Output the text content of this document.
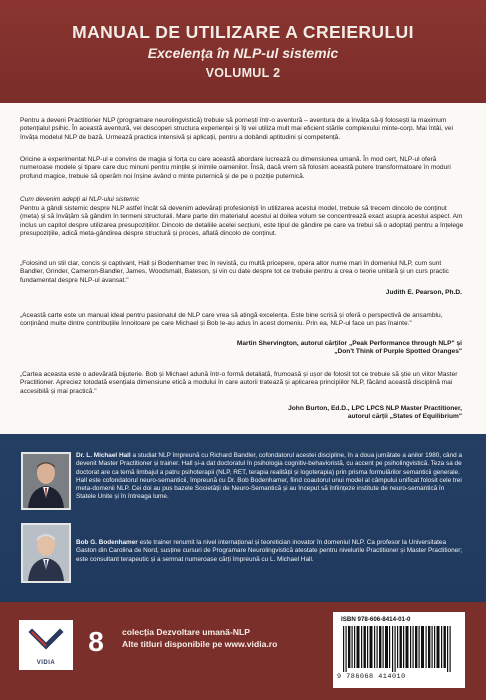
MANUAL DE UTILIZARE A CREIERULUI
Excelența în NLP-ul sistemic
VOLUMUL 2
Pentru a deveni Practitioner NLP (programare neurolingvistică) trebuie să pornești într-o aventură – aventura de a învăța să-ți folosești la maximum potențialul psihic. În această aventură, vei descoperi structura experienței și îți vei utiliza mult mai eficient stările complexului minte-corp. Mai întâi, vei învăța modelul NLP de bază. Urmează practica intensivă și aplicații, pentru a dobândi aptitudini și competență.
Oricine a experimentat NLP-ul e convins de magia și forța cu care această abordare lucrează cu dimensiunea umană. În mod cert, NLP-ul oferă numeroase modele și tipare care duc minuni pentru mințile și inimile oamenilor. Însă, dacă vrem să folosim această putere transformatoare în moduri profund magice, trebuie să operăm noi înșine având o minte puternică și de pe o poziție puternică.
Cum devenim adepți ai NLP-ului sistemic
Pentru a gândi sistemic despre NLP astfel încât să devenim adevărați profesioniști în utilizarea acestui model, trebuie să trecem dincolo de conținut (meta) și să învățăm să gândim în termeni structurali. Mare parte din materialul acestui al doilea volum se concentrează exact asupra acestui aspect. Am inclus un capitol despre utilizarea presupozițiilor. Dincolo de detaliile acelei secțiuni, este tipul de gândire pe care va trebui să o adoptați pentru a înțelege presupozițiile, adică meta-gândirea despre structură și proces, aflată dincolo de conținut.
„Folosind un stil clar, concis și captivant, Hall și Bodenhamer trec în revistă, cu multă pricepere, opera altor nume mari în domeniul NLP, cum sunt Bandler, Grinder, Cameron-Bandler, James, Woodsmall, Bateson, și vin cu date despre tot ce trebuie pentru a crea o teorie unitară și un curs practic fundamental despre NLP-ul avansat."
Judith E. Pearson, Ph.D.
„Această carte este un manual ideal pentru pasionatul de NLP care vrea să atingă excelența. Este bine scrisă și oferă o perspectivă de ansamblu, conținând multe dintre contribuțiile înnoitoare pe care Michael și Bob le-au adus în acest domeniu. Prin ea, NLP-ul face un pas înainte."
Martin Shervington, autorul cărților „Peak Performance through NLP" și
„Don't Think of Purple Spotted Oranges"
„Cartea aceasta este o adevărată bijuterie. Bob și Michael adună într-o formă detaliată, frumoasă și ușor de folosit tot ce trebuie să știe un viitor Master Practitioner. Apreciez totodată esențiala dimensiune etică a modului în care autorii tratează și aplicarea principiilor NLP, făcând această disciplină mai accesibilă și mai practică."
John Burton, Ed.D., LPC LPCS NLP Master Practitioner,
autorul cărții „States of Equilibrium"
Dr. L. Michael Hall a studiat NLP împreună cu Richard Bandler, cofondatorul acestei discipline, în a doua jumătate a anilor 1980, când a devenit Master Practitioner și trainer. Hall și-a dat doctoratul în psihologia cognitiv-behavioristă, cu accent pe psiholingvistică. Teza sa de doctorat are ca temă limbajul a patru psihoterapii (NLP, RET, terapia realității și logoterapia) prin prisma formulărilor semanticii generale. Hall este cofondatorul neuro-semanticii, împreună cu Dr. Bob Bodenhamer, fiind coautorul unui model al câmpului unificat folosit cele trei meta-domenii NLP. Cei doi au pus bazele Societății de Neuro-Semantică și au început să înființeze institute de neuro-semantică în Statele Unite și în întreaga lume.
Bob G. Bodenhamer este trainer renumit la nivel internațional și teoretician inovator în domeniul NLP. Ca profesor la Universitatea Gaston din Carolina de Nord, susține cursuri de Programare Neurolingvistică atestate pentru nivelurile Practitioner și Master Practitioner; este consultant terapeutic și a semnat numeroase cărți împreună cu L. Michael Hall.
VIDIA
8	colecția Dezvoltare umană-NLP
Alte titluri disponibile pe www.vidia.ro
ISBN 978-606-8414-01-0
9 786068 414010
